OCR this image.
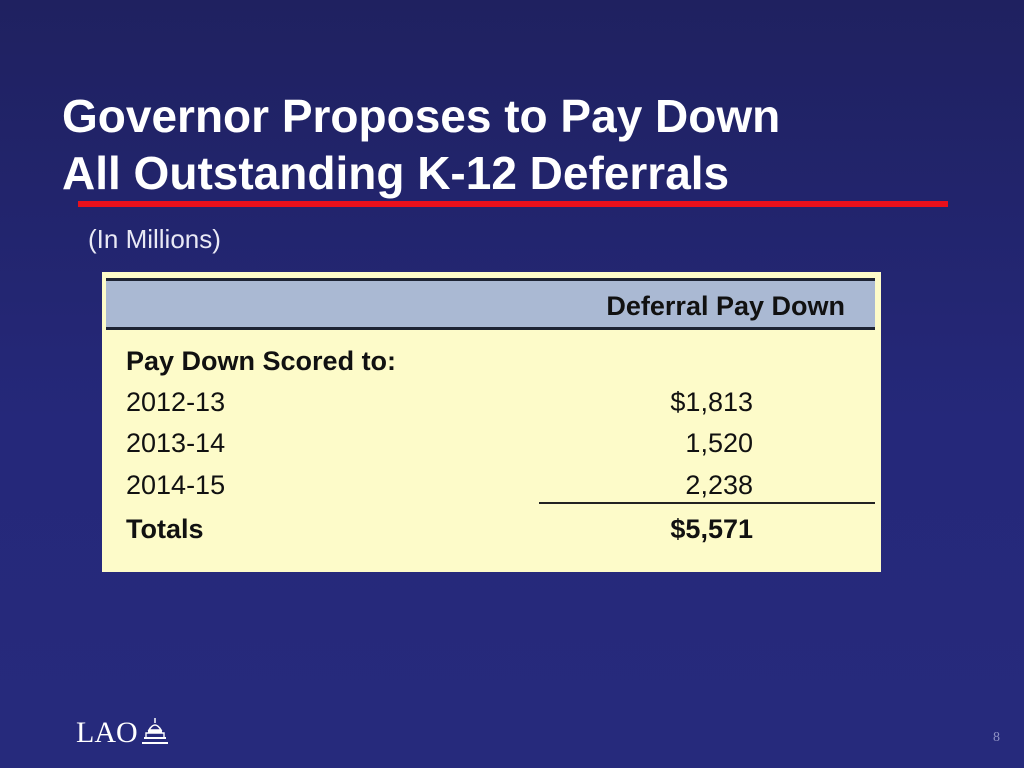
Governor Proposes to Pay Down
All Outstanding K-12 Deferrals
(In Millions)
Deferral Pay Down
Pay Down Scored to:
2012-13	$1,813
2013-14	1,520
2014-15	2,238
Totals	$5,571
LAO	8
